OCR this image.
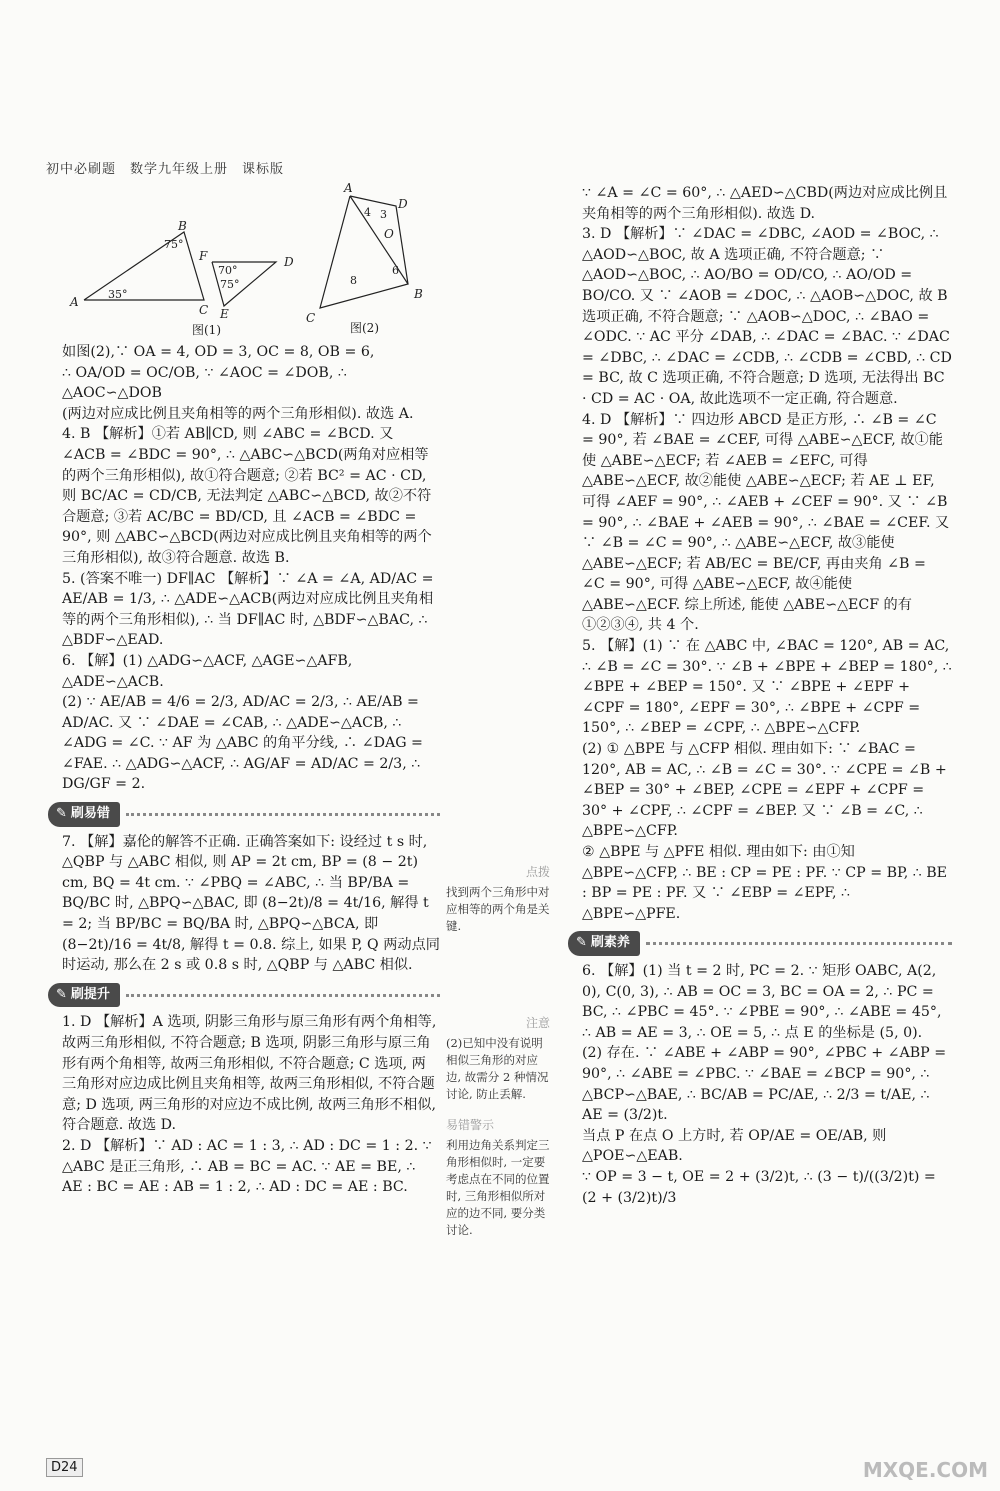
初中必刷题　数学九年级上册　课标版
A
B
C
D
E
F
75°
35°
70°
75°
图(1)
A
D
O
B
C
4 3
8
6
图(2)

如图(2),∵ OA = 4, OD = 3, OC = 8, OB = 6,

∴ OA/OD = OC/OB, ∵ ∠AOC = ∠DOB, ∴ △AOC∽△DOB

(两边对应成比例且夹角相等的两个三角形相似). 故选 A.

4. B 【解析】①若 AB∥CD, 则 ∠ABC = ∠BCD. 又 ∠ACB = ∠BDC = 90°, ∴ △ABC∽△BCD(两角对应相等的两个三角形相似), 故①符合题意; ②若 BC² = AC · CD, 则 BC/AC = CD/CB, 无法判定 △ABC∽△BCD, 故②不符合题意; ③若 AC/BC = BD/CD, 且 ∠ACB = ∠BDC = 90°, 则 △ABC∽△BCD(两边对应成比例且夹角相等的两个三角形相似), 故③符合题意. 故选 B.

5. (答案不唯一) DF∥AC 【解析】∵ ∠A = ∠A, AD/AC = AE/AB = 1/3, ∴ △ADE∽△ACB(两边对应成比例且夹角相等的两个三角形相似), ∴ 当 DF∥AC 时, △BDF∽△BAC, ∴ △BDF∽△EAD.

6. 【解】(1) △ADG∽△ACF, △AGE∽△AFB, △ADE∽△ACB.

(2) ∵ AE/AB = 4/6 = 2/3, AD/AC = 2/3, ∴ AE/AB = AD/AC. 又 ∵ ∠DAE = ∠CAB, ∴ △ADE∽△ACB, ∴ ∠ADG = ∠C. ∵ AF 为 △ABC 的角平分线, ∴ ∠DAG = ∠FAE. ∴ △ADG∽△ACF, ∴ AG/AF = AD/AC = 2/3, ∴ DG/GF = 2.

✎ 刷易错

7. 【解】嘉伦的解答不正确. 正确答案如下: 设经过 t s 时, △QBP 与 △ABC 相似, 则 AP = 2t cm, BP = (8 − 2t) cm, BQ = 4t cm. ∵ ∠PBQ = ∠ABC, ∴ 当 BP/BA = BQ/BC 时, △BPQ∽△BAC, 即 (8−2t)/8 = 4t/16, 解得 t = 2; 当 BP/BC = BQ/BA 时, △BPQ∽△BCA, 即 (8−2t)/16 = 4t/8, 解得 t = 0.8. 综上, 如果 P, Q 两动点同时运动, 那么在 2 s 或 0.8 s 时, △QBP 与 △ABC 相似.

✎ 刷提升

1. D 【解析】A 选项, 阴影三角形与原三角形有两个角相等, 故两三角形相似, 不符合题意; B 选项, 阴影三角形与原三角形有两个角相等, 故两三角形相似, 不符合题意; C 选项, 两三角形对应边成比例且夹角相等, 故两三角形相似, 不符合题意; D 选项, 两三角形的对应边不成比例, 故两三角形不相似, 符合题意. 故选 D.

2. D 【解析】∵ AD : AC = 1 : 3, ∴ AD : DC = 1 : 2. ∵ △ABC 是正三角形, ∴ AB = BC = AC. ∵ AE = BE, ∴ AE : BC = AE : AB = 1 : 2, ∴ AD : DC = AE : BC.

点拨
找到两个三角形中对应相等的两个角是关键.
注意
(2)已知中没有说明相似三角形的对应边, 故需分 2 种情况讨论, 防止丢解.
易错警示
利用边角关系判定三角形相似时, 一定要考虑点在不同的位置时, 三角形相似所对应的边不同, 要分类讨论.

∵ ∠A = ∠C = 60°, ∴ △AED∽△CBD(两边对应成比例且夹角相等的两个三角形相似). 故选 D.

3. D 【解析】∵ ∠DAC = ∠DBC, ∠AOD = ∠BOC, ∴ △AOD∽△BOC, 故 A 选项正确, 不符合题意; ∵ △AOD∽△BOC, ∴ AO/BO = OD/CO, ∴ AO/OD = BO/CO. 又 ∵ ∠AOB = ∠DOC, ∴ △AOB∽△DOC, 故 B 选项正确, 不符合题意; ∵ △AOB∽△DOC, ∴ ∠BAO = ∠ODC. ∵ AC 平分 ∠DAB, ∴ ∠DAC = ∠BAC. ∵ ∠DAC = ∠DBC, ∴ ∠DAC = ∠CDB, ∴ ∠CDB = ∠CBD, ∴ CD = BC, 故 C 选项正确, 不符合题意; D 选项, 无法得出 BC · CD = AC · OA, 故此选项不一定正确, 符合题意.

4. D 【解析】∵ 四边形 ABCD 是正方形, ∴ ∠B = ∠C = 90°, 若 ∠BAE = ∠CEF, 可得 △ABE∽△ECF, 故①能使 △ABE∽△ECF; 若 ∠AEB = ∠EFC, 可得 △ABE∽△ECF, 故②能使 △ABE∽△ECF; 若 AE ⊥ EF, 可得 ∠AEF = 90°, ∴ ∠AEB + ∠CEF = 90°. 又 ∵ ∠B = 90°, ∴ ∠BAE + ∠AEB = 90°, ∴ ∠BAE = ∠CEF. 又 ∵ ∠B = ∠C = 90°, ∴ △ABE∽△ECF, 故③能使 △ABE∽△ECF; 若 AB/EC = BE/CF, 再由夹角 ∠B = ∠C = 90°, 可得 △ABE∽△ECF, 故④能使 △ABE∽△ECF. 综上所述, 能使 △ABE∽△ECF 的有①②③④, 共 4 个.

5. 【解】(1) ∵ 在 △ABC 中, ∠BAC = 120°, AB = AC, ∴ ∠B = ∠C = 30°. ∵ ∠B + ∠BPE + ∠BEP = 180°, ∴ ∠BPE + ∠BEP = 150°. 又 ∵ ∠BPE + ∠EPF + ∠CPF = 180°, ∠EPF = 30°, ∴ ∠BPE + ∠CPF = 150°, ∴ ∠BEP = ∠CPF, ∴ △BPE∽△CFP.

(2) ① △BPE 与 △CFP 相似. 理由如下: ∵ ∠BAC = 120°, AB = AC, ∴ ∠B = ∠C = 30°. ∵ ∠CPE = ∠B + ∠BEP = 30° + ∠BEP, ∠CPE = ∠EPF + ∠CPF = 30° + ∠CPF, ∴ ∠CPF = ∠BEP. 又 ∵ ∠B = ∠C, ∴ △BPE∽△CFP.

② △BPE 与 △PFE 相似. 理由如下: 由①知 △BPE∽△CFP, ∴ BE : CP = PE : PF. ∵ CP = BP, ∴ BE : BP = PE : PF. 又 ∵ ∠EBP = ∠EPF, ∴ △BPE∽△PFE.

✎ 刷素养

6. 【解】(1) 当 t = 2 时, PC = 2. ∵ 矩形 OABC, A(2, 0), C(0, 3), ∴ AB = OC = 3, BC = OA = 2, ∴ PC = BC, ∴ ∠PBC = 45°. ∵ ∠PBE = 90°, ∴ ∠ABE = 45°, ∴ AB = AE = 3, ∴ OE = 5, ∴ 点 E 的坐标是 (5, 0).

(2) 存在. ∵ ∠ABE + ∠ABP = 90°, ∠PBC + ∠ABP = 90°, ∴ ∠ABE = ∠PBC. ∵ ∠BAE = ∠BCP = 90°, ∴ △BCP∽△BAE, ∴ BC/AB = PC/AE, ∴ 2/3 = t/AE, ∴ AE = (3/2)t.

当点 P 在点 O 上方时, 若 OP/AE = OE/AB, 则 △POE∽△EAB.

∵ OP = 3 − t, OE = 2 + (3/2)t, ∴ (3 − t)/((3/2)t) = (2 + (3/2)t)/3

D24	MXQE.COM
